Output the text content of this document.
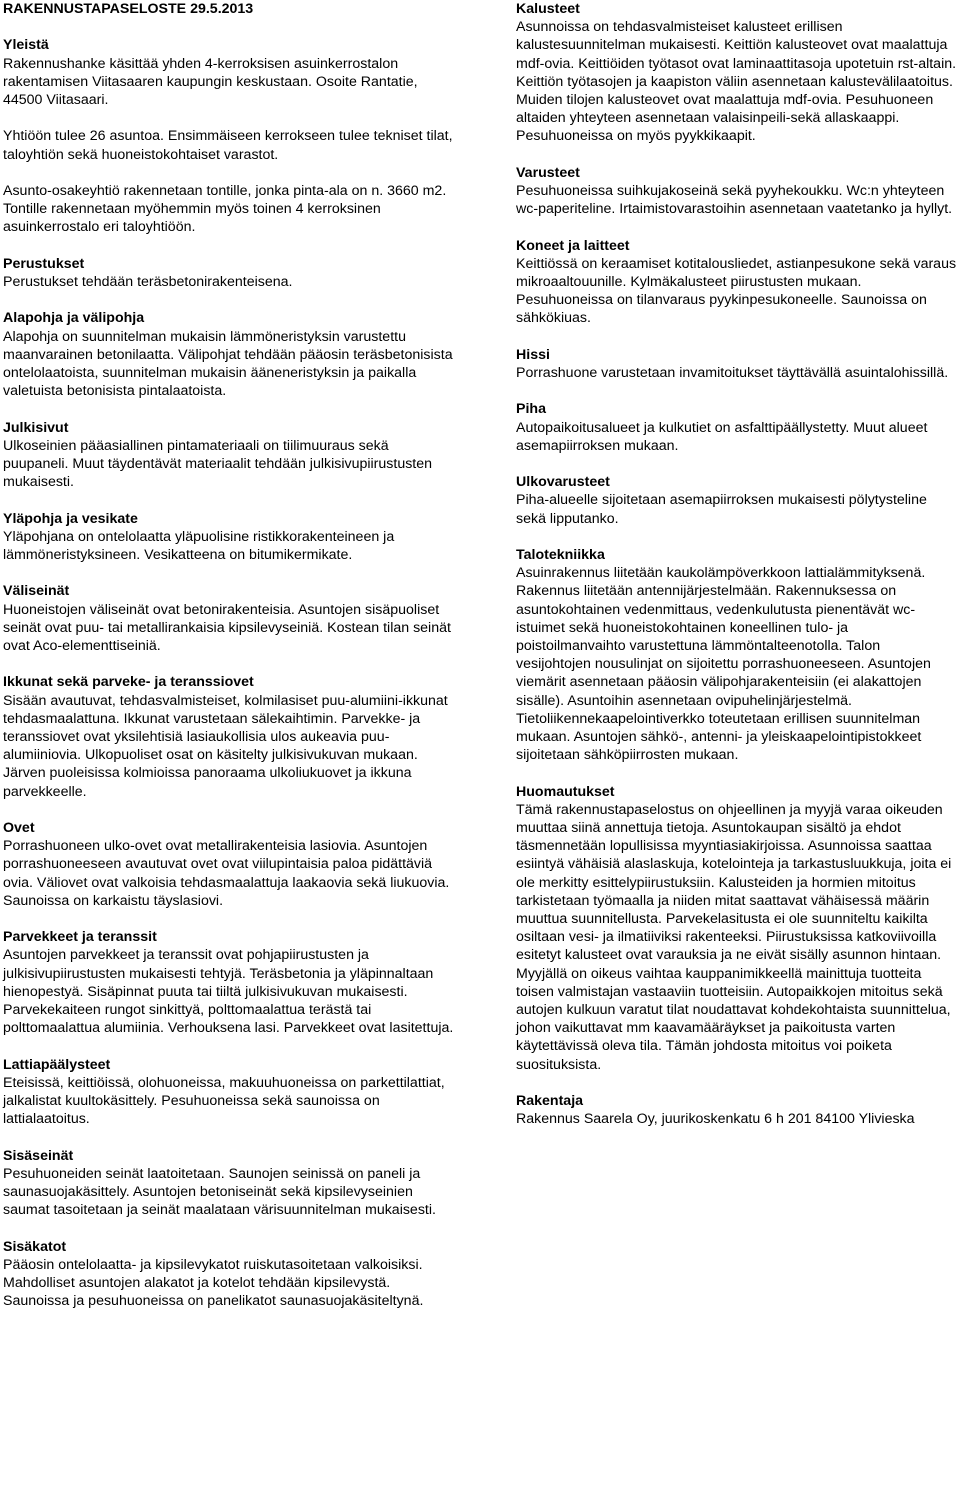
RAKENNUSTAPASELOSTE 29.5.2013
Yleistä
Rakennushanke käsittää yhden 4-kerroksisen asuinkerrostalon rakentamisen Viitasaaren kaupungin keskustaan. Osoite Rantatie, 44500 Viitasaari.
Yhtiöön tulee 26 asuntoa. Ensimmäiseen kerrokseen tulee tekniset tilat, taloyhtiön sekä huoneistokohtaiset varastot.
Asunto-osakeyhtiö rakennetaan tontille, jonka pinta-ala on n. 3660 m2. Tontille rakennetaan myöhemmin myös toinen 4 kerroksinen asuinkerrostalo eri taloyhtiöön.
Perustukset
Perustukset tehdään teräsbetonirakenteisena.
Alapohja ja välipohja
Alapohja on suunnitelman mukaisin lämmöneristyksin varustettu maanvarainen betonilaatta. Välipohjat tehdään pääosin teräsbetonisista ontelolaatoista, suunnitelman mukaisin ääneneristyksin ja paikalla valetuista betonisista pintalaatoista.
Julkisivut
Ulkoseinien pääasiallinen pintamateriaali on tiilimuuraus sekä puupaneli. Muut täydentävät materiaalit tehdään julkisivupiirustusten mukaisesti.
Yläpohja ja vesikate
Yläpohjana on ontelolaatta yläpuolisine ristikkorakenteineen ja lämmöneristyksineen. Vesikatteena on bitumikermikate.
Väliseinät
Huoneistojen väliseinät ovat betonirakenteisia. Asuntojen sisäpuoliset seinät ovat puu- tai metallirankaisia kipsilevyseiniä. Kostean tilan seinät ovat Aco-elementtiseiniä.
Ikkunat sekä parveke- ja teranssiovet
Sisään avautuvat, tehdasvalmisteiset, kolmilasiset puu-alumiini-ikkunat tehdasmaalattuna. Ikkunat varustetaan sälekaihtimin. Parvekke- ja teranssiovet ovat yksilehtisiä lasiaukollisia ulos aukeavia puu-alumiiniovia. Ulkopuoliset osat on käsitelty julkisivukuvan mukaan. Järven puoleisissa kolmioissa panoraama ulkoliukuovet ja ikkuna parvekkeelle.
Ovet
Porrashuoneen ulko-ovet ovat metallirakenteisia lasiovia. Asuntojen porrashuoneeseen avautuvat ovet ovat viilupintaisia paloa pidättäviä ovia. Väliovet ovat valkoisia tehdasmaalattuja laakaovia sekä liukuovia. Saunoissa on karkaistu täyslasiovi.
Parvekkeet ja teranssit
Asuntojen parvekkeet ja teranssit ovat pohjapiirustusten ja julkisivupiirustusten mukaisesti tehtyjä. Teräsbetonia ja yläpinnaltaan hienopestyä. Sisäpinnat puuta tai tiiltä julkisivukuvan mukaisesti. Parvekekaiteen rungot sinkittyä, polttomaalattua terästä tai polttomaalattua alumiinia. Verhouksena lasi. Parvekkeet ovat lasitettuja.
Lattiapäälysteet
Eteisissä, keittiöissä, olohuoneissa, makuuhuoneissa on parkettilattiat, jalkalistat kuultokäsittely. Pesuhuoneissa sekä saunoissa on lattialaatoitus.
Sisäseinät
Pesuhuoneiden seinät laatoitetaan. Saunojen seinissä on paneli ja saunasuojakäsittely. Asuntojen betoniseinät sekä kipsilevyseinien saumat tasoitetaan ja seinät maalataan värisuunnitelman mukaisesti.
Sisäkatot
Pääosin ontelolaatta- ja kipsilevykatot ruiskutasoitetaan valkoisiksi. Mahdolliset asuntojen alakatot ja kotelot tehdään kipsilevystä. Saunoissa ja pesuhuoneissa on panelikatot saunasuojakäsiteltynä.
Kalusteet
Asunnoissa on tehdasvalmisteiset kalusteet erillisen kalustesuunnitelman mukaisesti. Keittiön kalusteovet ovat maalattuja mdf-ovia. Keittiöiden työtasot ovat laminaattitasoja upotetuin rst-altain. Keittiön työtasojen ja kaapiston väliin asennetaan kalustevälilaatoitus. Muiden tilojen kalusteovet ovat maalattuja mdf-ovia. Pesuhuoneen altaiden yhteyteen asennetaan valaisinpeili-sekä allaskaappi. Pesuhuoneissa on myös pyykkikaapit.
Varusteet
Pesuhuoneissa suihkujakoseinä sekä pyyhekoukku. Wc:n yhteyteen wc-paperiteline. Irtaimistovarastoihin asennetaan vaatetanko ja hyllyt.
Koneet ja laitteet
Keittiössä on keraamiset kotitalousliedet, astianpesukone sekä varaus mikroaaltouunille. Kylmäkalusteet piirustusten mukaan. Pesuhuoneissa on tilanvaraus pyykinpesukoneelle. Saunoissa on sähkökiuas.
Hissi
Porrashuone varustetaan invamitoitukset täyttävällä asuintalohissillä.
Piha
Autopaikoitusalueet ja kulkutiet on asfalttipäällystetty. Muut alueet asemapiirroksen mukaan.
Ulkovarusteet
Piha-alueelle sijoitetaan asemapiirroksen mukaisesti pölytysteline sekä lipputanko.
Talotekniikka
Asuinrakennus liitetään kaukolämpöverkkoon lattialämmityksenä. Rakennus liitetään antennijärjestelmään. Rakennuksessa on asuntokohtainen vedenmittaus, vedenkulutusta pienentävät wc-istuimet sekä huoneistokohtainen koneellinen tulo- ja poistoilmanvaihto varustettuna lämmöntalteenotolla. Talon vesijohtojen nousulinjat on sijoitettu porrashuoneeseen. Asuntojen viemärit asennetaan pääosin välipohjarakenteisiin (ei alakattojen sisälle). Asuntoihin asennetaan ovipuhelinjärjestelmä. Tietoliikennekaapelointiverkko toteutetaan erillisen suunnitelman mukaan. Asuntojen sähkö-, antenni- ja yleiskaapelointipistokkeet sijoitetaan sähköpiirrosten mukaan.
Huomautukset
Tämä rakennustapaselostus on ohjeellinen ja myyjä varaa oikeuden muuttaa siinä annettuja tietoja. Asuntokaupan sisältö ja ehdot täsmennetään lopullisissa myyntiasiakirjoissa. Asunnoissa saattaa esiintyä vähäisiä alaslaskuja, kotelointeja ja tarkastusluukkuja, joita ei ole merkitty esittelypiirustuksiin. Kalusteiden ja hormien mitoitus tarkistetaan työmaalla ja niiden mitat saattavat vähäisessä määrin muuttua suunnitellusta. Parvekelasitusta ei ole suunniteltu kaikilta osiltaan vesi- ja ilmatiiviksi rakenteeksi. Piirustuksissa katkoviivoilla esitetyt kalusteet ovat varauksia ja ne eivät sisälly asunnon hintaan. Myyjällä on oikeus vaihtaa kauppanimikkeellä mainittuja tuotteita toisen valmistajan vastaaviin tuotteisiin. Autopaikkojen mitoitus sekä autojen kulkuun varatut tilat noudattavat kohdekohtaista suunnittelua, johon vaikuttavat mm kaavamääräykset ja paikoitusta varten käytettävissä oleva tila. Tämän johdosta mitoitus voi poiketa suosituksista.
Rakentaja
Rakennus Saarela Oy, juurikoskenkatu 6 h 201 84100 Ylivieska
